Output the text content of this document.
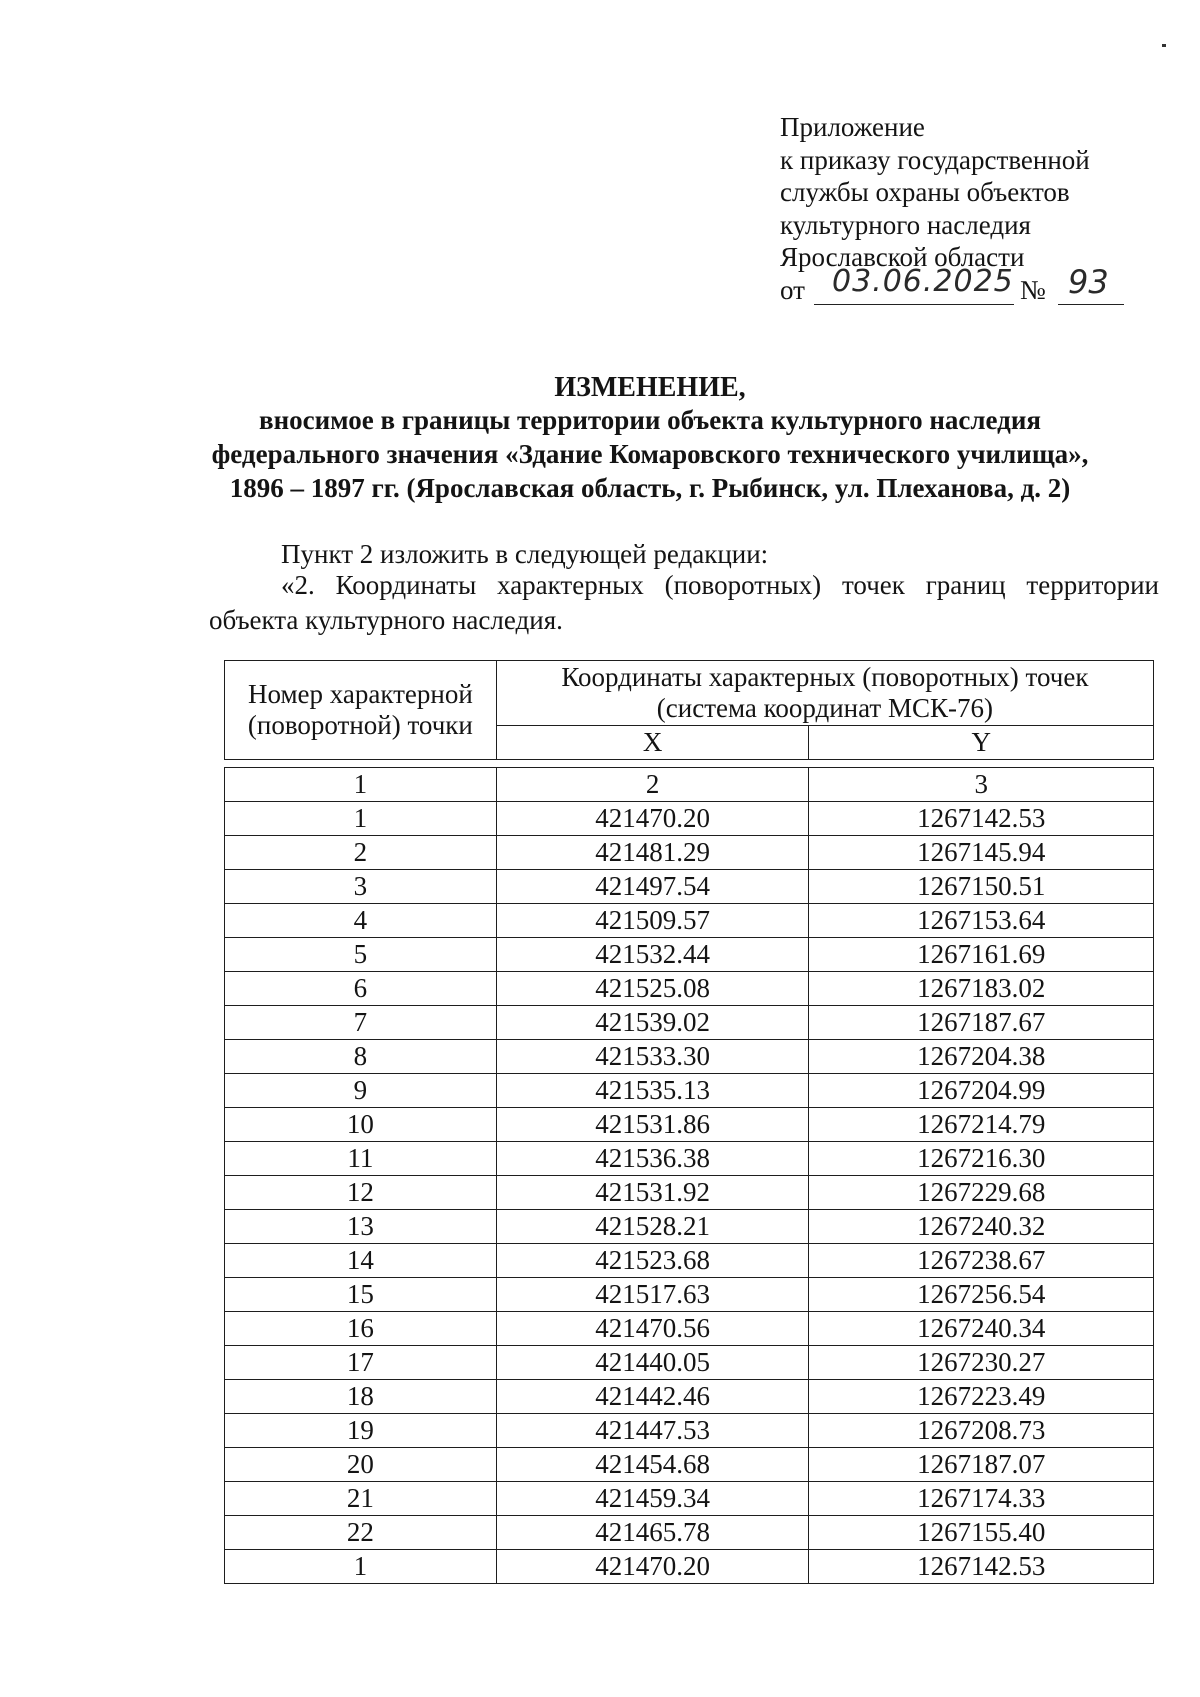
Приложение
к приказу государственной
службы охраны объектов
культурного наследия
Ярославской области
от 03.06.2025 № 93
ИЗМЕНЕНИЕ,
вносимое в границы территории объекта культурного наследия
федерального значения «Здание Комаровского технического училища»,
1896 – 1897 гг. (Ярославская область, г. Рыбинск, ул. Плеханова, д. 2)
Пункт 2 изложить в следующей редакции:
«2. Координаты характерных (поворотных) точек границ территории
объекта культурного наследия.
Номер характерной (поворотной) точки	Координаты характерных (поворотных) точек (система координат МСК-76)	
	X	Y

1	2	3
1	421470.20	1267142.53
2	421481.29	1267145.94
3	421497.54	1267150.51
4	421509.57	1267153.64
5	421532.44	1267161.69
6	421525.08	1267183.02
7	421539.02	1267187.67
8	421533.30	1267204.38
9	421535.13	1267204.99
10	421531.86	1267214.79
11	421536.38	1267216.30
12	421531.92	1267229.68
13	421528.21	1267240.32
14	421523.68	1267238.67
15	421517.63	1267256.54
16	421470.56	1267240.34
17	421440.05	1267230.27
18	421442.46	1267223.49
19	421447.53	1267208.73
20	421454.68	1267187.07
21	421459.34	1267174.33
22	421465.78	1267155.40
1	421470.20	1267142.53
